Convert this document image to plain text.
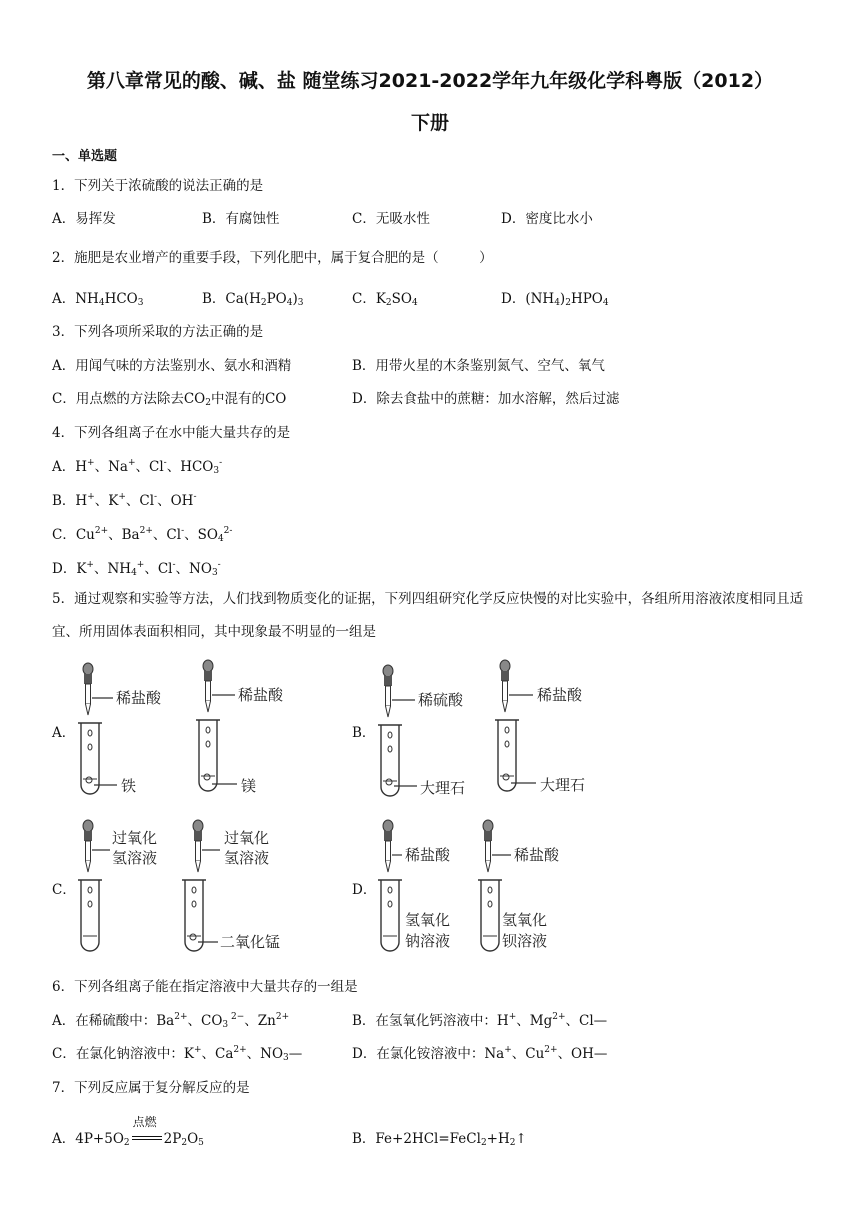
第八章常见的酸、碱、盐 随堂练习2021-2022学年九年级化学科粤版（2012）
下册
一、单选题
1．下列关于浓硫酸的说法正确的是
A．易挥发	B．有腐蚀性	C．无吸水性	D．密度比水小
2．施肥是农业增产的重要手段，下列化肥中，属于复合肥的是（　　　）
A．$NH_4HCO_3$	B．$Ca(H_2PO_4)_3$	C．$K_2SO_4$	D．$(NH_4)_2HPO_4$
3．下列各项所采取的方法正确的是
A．用闻气味的方法鉴别水、氨水和酒精	B．用带火星的木条鉴别氮气、空气、氧气
C．用点燃的方法除去$CO_2$中混有的CO	D．除去食盐中的蔗糖：加水溶解，然后过滤
4．下列各组离子在水中能大量共存的是
A．H+、Na+、Cl-、$HCO_3^-$
B．H+、K+、Cl-、OH-
C．$Cu^{2+}$、$Ba^{2+}$、Cl-、$SO_4^{2-}$
D．K+、$NH_4^+$、Cl-、$NO_3^-$
5．通过观察和实验等方法，人们找到物质变化的证据，下列四组研究化学反应快慢的对比实验中，各组所用溶液浓度相同且适宜、所用固体表面积相同，其中现象最不明显的一组是
A．	B．
C．	D．
稀盐酸
铁
稀盐酸
镁
稀硫酸
大理石
稀盐酸
大理石
过氧化
氢溶液
过氧化
氢溶液
二氧化锰
稀盐酸
氢氧化
钠溶液
稀盐酸
氢氧化
钡溶液
6．下列各组离子能在指定溶液中大量共存的一组是
A．在稀硫酸中：$Ba^{2+}$、$CO_3$ $^{2-}$、$Zn^{2+}$	B．在氢氧化钙溶液中：H+、$Mg^{2+}$、Cl—
C．在氯化钠溶液中：K+、$Ca^{2+}$、$NO_3—$	D．在氯化铵溶液中：Na+、$Cu^{2+}$、OH—
7．下列反应属于复分解反应的是
A．$4P+5O_2$
点燃
$2P_2O_5$	B．$Fe+2HCl=FeCl_2+H_2↑$
